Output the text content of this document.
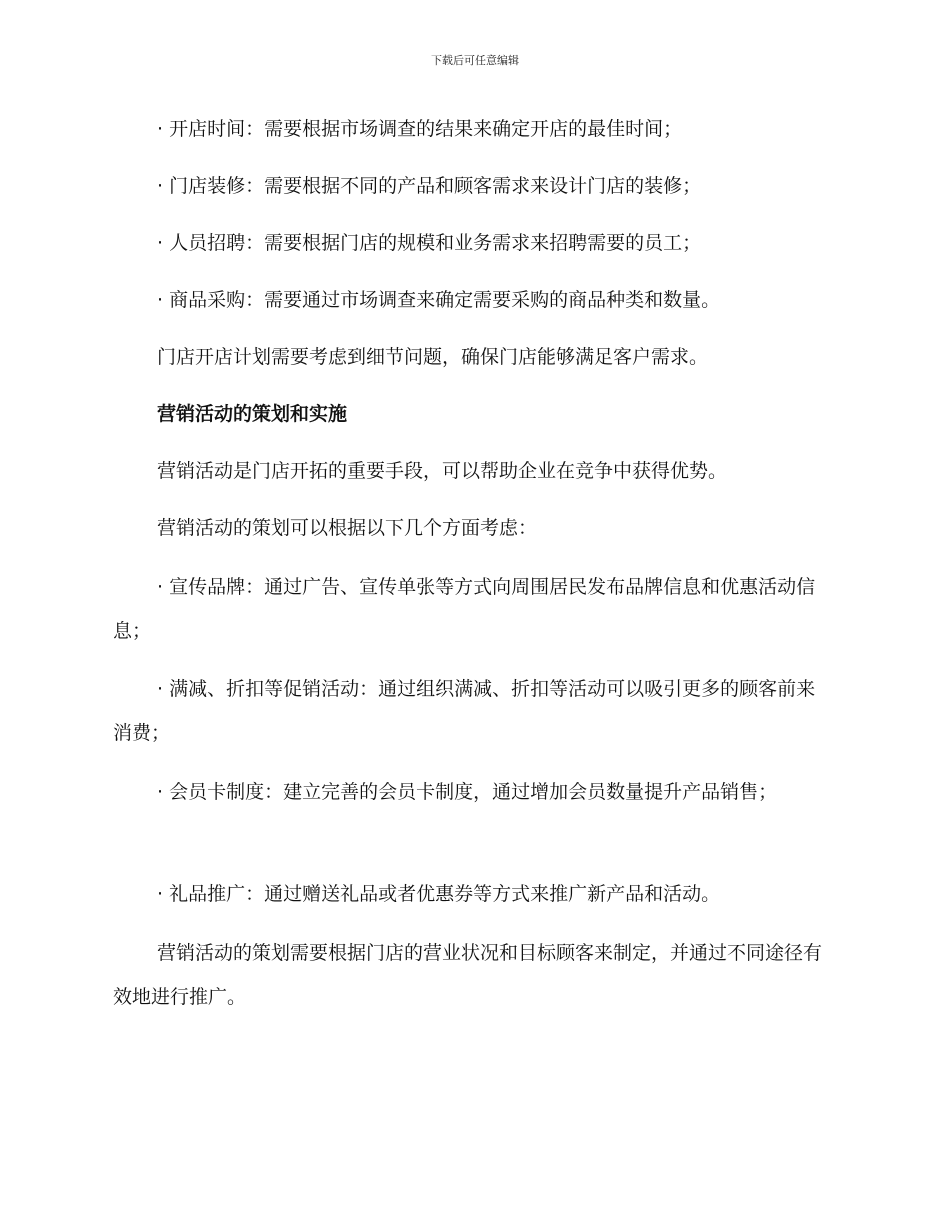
下载后可任意编辑

· 开店时间：需要根据市场调查的结果来确定开店的最佳时间；

· 门店装修：需要根据不同的产品和顾客需求来设计门店的装修；

· 人员招聘：需要根据门店的规模和业务需求来招聘需要的员工；

· 商品采购：需要通过市场调查来确定需要采购的商品种类和数量。

门店开店计划需要考虑到细节问题，确保门店能够满足客户需求。

营销活动的策划和实施

营销活动是门店开拓的重要手段，可以帮助企业在竞争中获得优势。

营销活动的策划可以根据以下几个方面考虑：

· 宣传品牌：通过广告、宣传单张等方式向周围居民发布品牌信息和优惠活动信息；

· 满减、折扣等促销活动：通过组织满减、折扣等活动可以吸引更多的顾客前来消费；

· 会员卡制度：建立完善的会员卡制度，通过增加会员数量提升产品销售；

· 礼品推广：通过赠送礼品或者优惠券等方式来推广新产品和活动。

营销活动的策划需要根据门店的营业状况和目标顾客来制定，并通过不同途径有效地进行推广。
